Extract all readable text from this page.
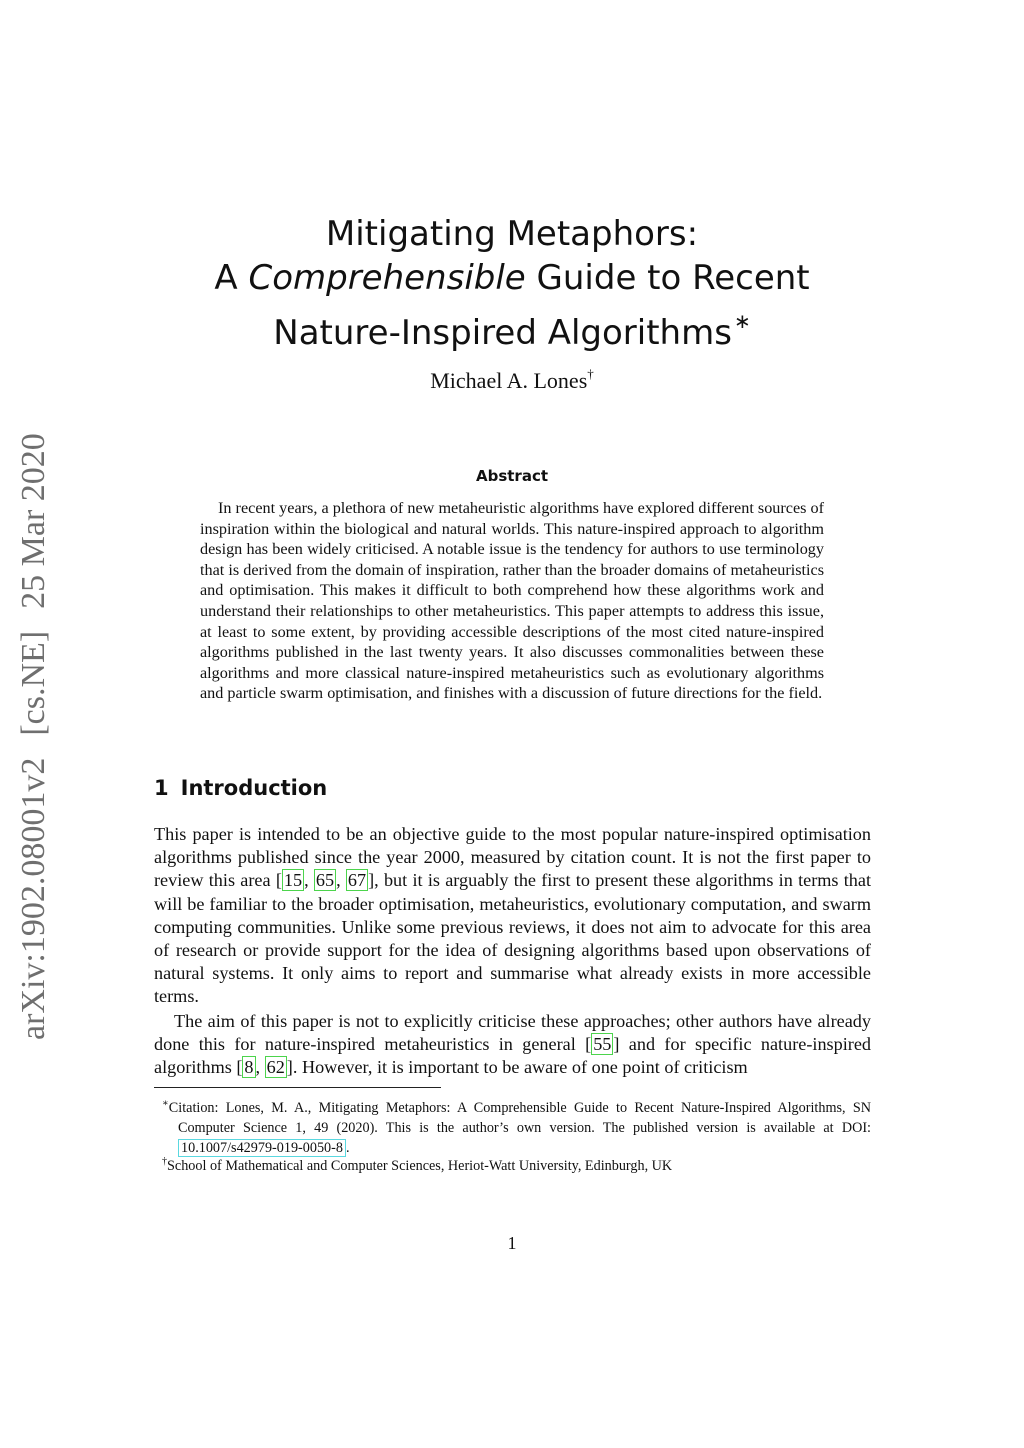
arXiv:1902.08001v2[cs.NE]25 Mar 2020
Mitigating Metaphors:
A Comprehensible Guide to Recent
Nature-Inspired Algorithms ∗
Michael A. Lones†
Abstract
In recent years, a plethora of new metaheuristic algorithms have explored different sources of inspiration within the biological and natural worlds. This nature-inspired approach to algorithm design has been widely criticised. A notable issue is the tendency for authors to use terminology that is derived from the domain of inspiration, rather than the broader domains of metaheuristics and optimisation. This makes it difficult to both comprehend how these algorithms work and understand their relationships to other metaheuristics. This paper attempts to address this issue, at least to some extent, by providing accessible descriptions of the most cited nature-inspired algorithms published in the last twenty years. It also discusses commonalities between these algorithms and more classical nature-inspired metaheuristics such as evolutionary algorithms and particle swarm optimisation, and finishes with a discussion of future directions for the field.
1 Introduction

This paper is intended to be an objective guide to the most popular nature-inspired optimisation algorithms published since the year 2000, measured by citation count. It is not the first paper to review this area [ 15 , 65 , 67 ], but it is arguably the first to present these algorithms in terms that will be familiar to the broader optimisation, metaheuristics, evolutionary computation, and swarm computing communities. Unlike some previous reviews, it does not aim to advocate for this area of research or provide support for the idea of designing algorithms based upon observations of natural systems. It only aims to report and summarise what already exists in more accessible terms.

The aim of this paper is not to explicitly criticise these approaches; other authors have already done this for nature-inspired metaheuristics in general [ 55 ] and for specific nature-inspired algorithms [ 8 , 62 ]. However, it is important to be aware of one point of criticism

∗Citation: Lones, M. A., Mitigating Metaphors: A Comprehensible Guide to Recent Nature-Inspired Algorithms, SN Computer Science 1, 49 (2020). This is the author’s own version. The published version is available at DOI: 10.1007/s42979-019-0050-8 .

†School of Mathematical and Computer Sciences, Heriot-Watt University, Edinburgh, UK

1
